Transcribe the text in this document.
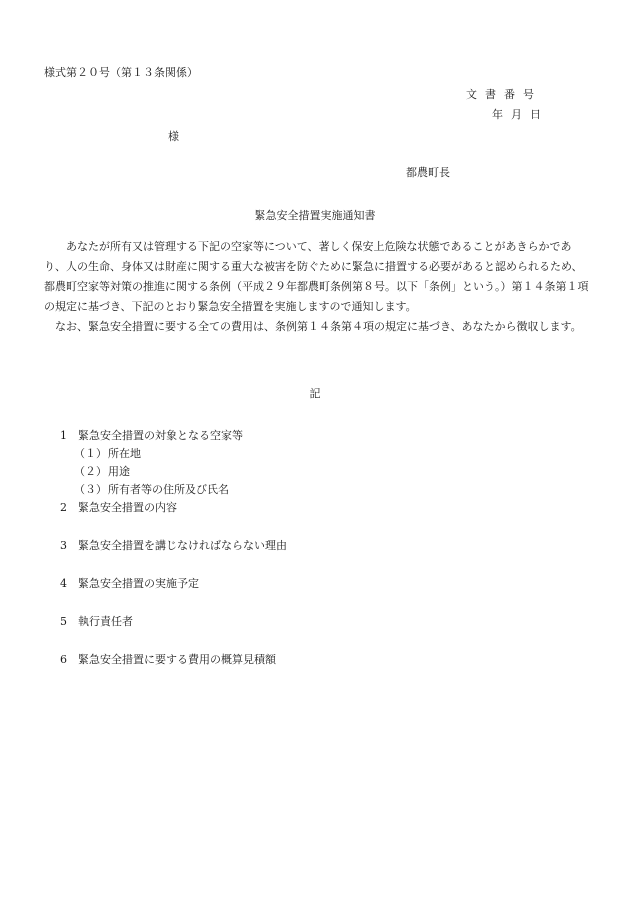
様式第２０号（第１３条関係）
文書番号
年月日
様
都農町長
緊急安全措置実施通知書

あなたが所有又は管理する下記の空家等について、著しく保安上危険な状態であることがあきらかであり、人の生命、身体又は財産に関する重大な被害を防ぐために緊急に措置する必要があると認められるため、都農町空家等対策の推進に関する条例（平成２９年都農町条例第８号。以下「条例」という。）第１４条第１項の規定に基づき、下記のとおり緊急安全措置を実施しますので通知します。

なお、緊急安全措置に要する全ての費用は、条例第１４条第４項の規定に基づき、あなたから徴収します。

記
1	緊急安全措置の対象となる空家等
（１） 所在地
（２） 用途
（３） 所有者等の住所及び氏名
2	緊急安全措置の内容
3	緊急安全措置を講じなければならない理由
4	緊急安全措置の実施予定
5	執行責任者
6	緊急安全措置に要する費用の概算見積額
